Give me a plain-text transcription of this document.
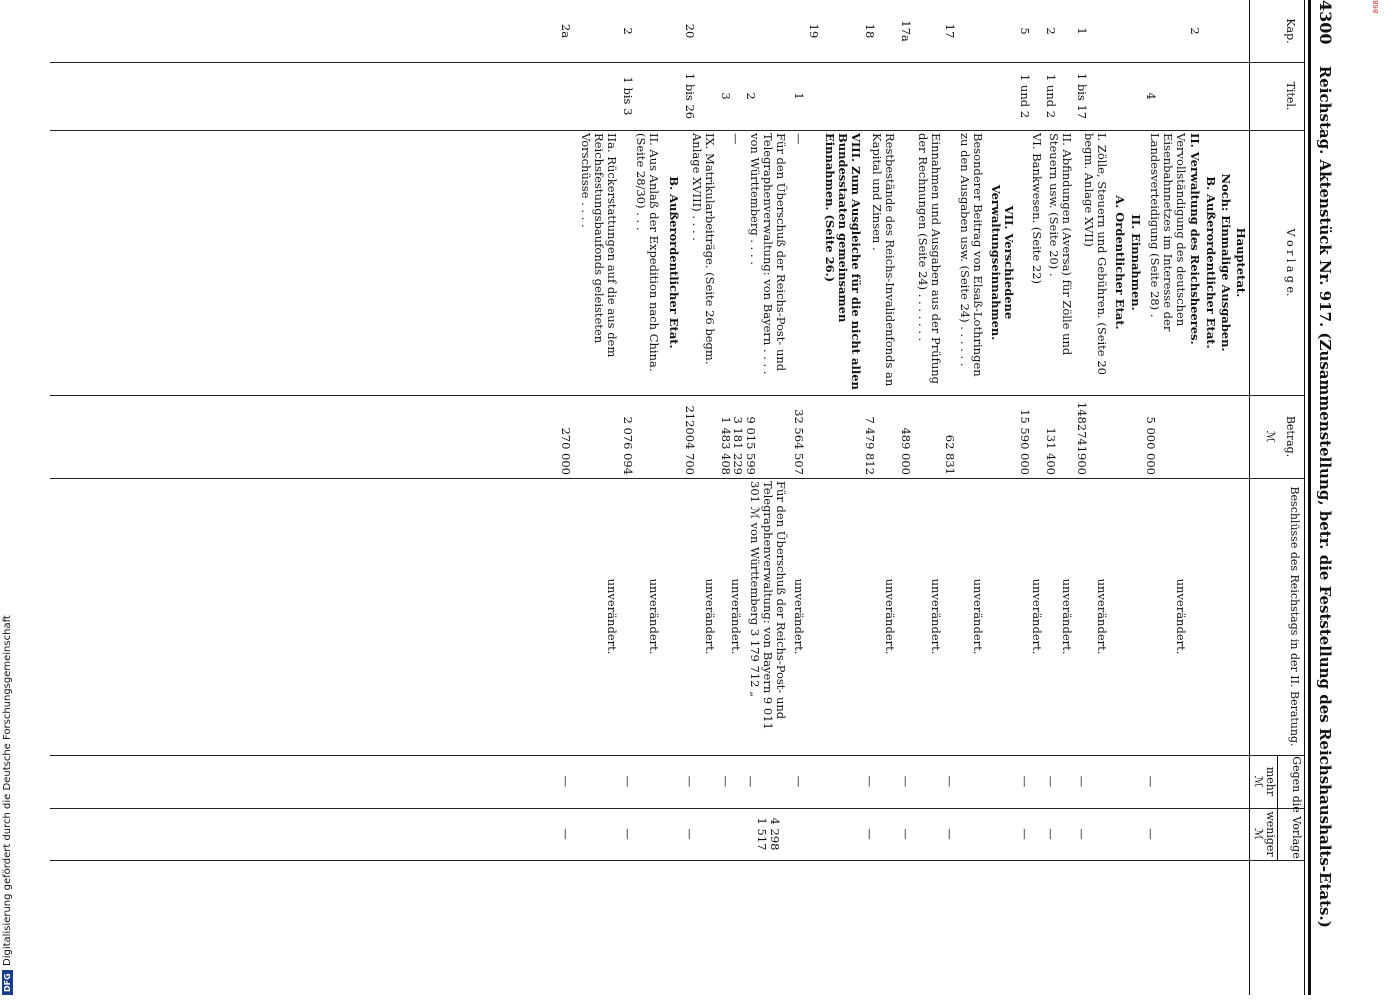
868
DFG
Digitalisierung gefördert durch die Deutsche Forschungsgemeinschaft
4300 Reichstag. Aktenstück Nr. 917. (Zusammenstellung, betr. die Feststellung des Reichshaushalts-Etats.)
Kap.
Titel.
V o r l a g e.
Betrag.
ℳ
Beschlüsse des Reichstags in der II. Beratung.
Gegen die Vorlage
mehr
weniger
ℳ
ℳ
Hauptetat.
Noch: Einmalige Ausgaben.
B. Außerordentlicher Etat.
2
II. Verwaltung des Reichsheeres.
4
Vervollständigung des deutschen Eisenbahnnetzes im Interesse der Landesverteidigung (Seite 28) .
5 000 000
unverändert.
—
—
II. Einnahmen.
A. Ordentlicher Etat.
1
1 bis 17
I. Zölle, Steuern und Gebühren. (Seite 20 begm. Anlage XVII)
1482741900
unverändert.
—
—
2
1 und 2
II. Abfindungen (Aversa) für Zölle und Steuern usw. (Seite 20) .
131 400
unverändert.
—
—
5
1 und 2
VI. Bankwesen. (Seite 22)
15 590 000
unverändert.
—
—
VII. Verschiedene Verwaltungseinnahmen.
17
Besonderer Beitrag von Elsaß-Lothringen zu den Ausgaben usw. (Seite 24) . . . . . .
62 831
unverändert.
—
—
17a
Einnahmen und Ausgaben aus der Prüfung der Rechnungen (Seite 24) . . . . . . .
489 000
unverändert.
—
—
18
Restbestände des Reichs-Invalidenfonds an Kapital und Zinsen .
7 479 812
unverändert.
—
—
19
VIII. Zum Ausgleiche für die nicht allen Bundesstaaten gemeinsamen Einnahmen. (Seite 26.)
1
—
32 564 507
unverändert.
—
2
Für den Überschuß der Reichs-Post- und Telegraphenverwaltung: von Bayern . . . . von Württemberg . . . .
9 015 599
3 181 229
Für den Überschuß der Reichs-Post- und Telegraphenverwaltung: von Bayern 9 011 301 ℳ von Württemberg 3 179 712 „
—
4 298
1 517
3
—
1 483 408
unverändert.
—
20
1 bis 26
IX. Matrikularbeiträge. (Seite 26 begm. Anlage XVIII) . . . .
212004 700
unverändert.
—
—
B. Außerordentlicher Etat.
2
1 bis 3
II. Aus Anlaß der Expedition nach China. (Seite 28/30) . . .
2 076 094
unverändert.
—
—
2a
IIa. Rückerstattungen auf die aus dem Reichsfestungsbaufonds geleisteten Vorschüsse . . . .
270 000
unverändert.
—
—
